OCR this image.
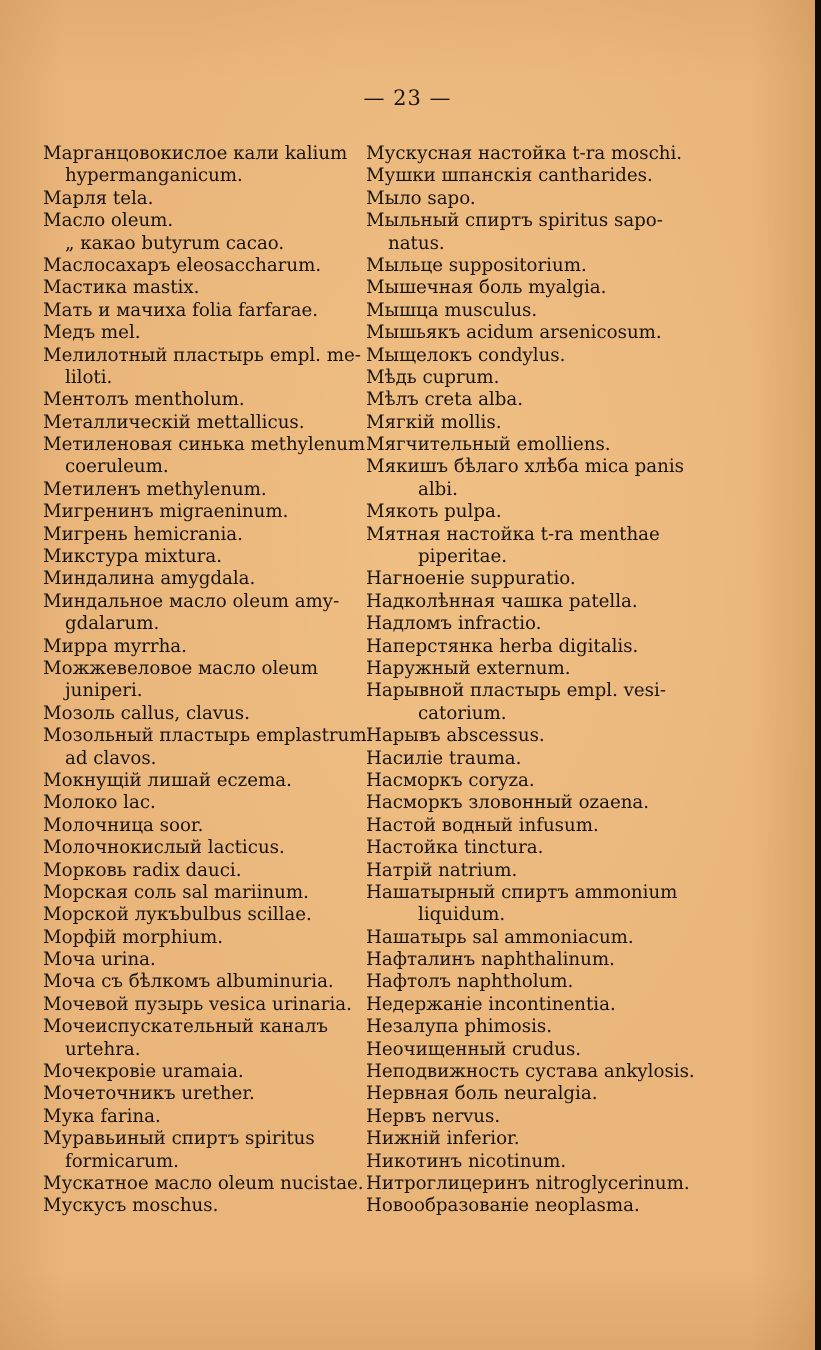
— 23 —
Марганцовокислое кали kalium
hypermanganicum.
Марля tela.
Масло oleum.
„ какао butyrum cacao.
Маслосахаръ eleosaccharum.
Мастика mastix.
Мать и мачиха folia farfarae.
Медъ mel.
Мелилотный пластырь empl. me-
liloti.
Ментолъ mentholum.
Металлическій mettallicus.
Метиленовая синька methylenum
coeruleum.
Метиленъ methylenum.
Мигренинъ migraeninum.
Мигрень hemicrania.
Микстура mixtura.
Миндалина amygdala.
Миндальное масло oleum amy-
gdalarum.
Мирра myrrha.
Можжевеловое масло oleum
juniperi.
Мозоль callus, clavus.
Мозольный пластырь emplastrum
ad clavos.
Мокнущій лишай eczema.
Молоко lac.
Молочница soor.
Молочнокислый lacticus.
Морковь radix dauci.
Морская соль sal mariinum.
Морской лукъbulbus scillae.
Морфій morphium.
Моча urina.
Моча съ бѣлкомъ albuminuria.
Мочевой пузырь vesica urinaria.
Мочеиспускательный каналъ
urtehra.
Мочекровіе uramaia.
Мочеточникъ urether.
Мука farina.
Муравьиный спиртъ spiritus
formicarum.
Мускатное масло oleum nucistae.
Мускусъ moschus.
Мускусная настойка t-ra moschi.
Мушки шпанскія cantharides.
Мыло sapo.
Мыльный спиртъ spiritus sapo-
natus.
Мыльце suppositorium.
Мышечная боль myalgia.
Мышца musculus.
Мышьякъ acidum arsenicosum.
Мыщелокъ condylus.
Мѣдь cuprum.
Мѣлъ creta alba.
Мягкій mollis.
Мягчительный emolliens.
Мякишъ бѣлаго хлѣба mica panis
albi.
Мякоть pulpa.
Мятная настойка t-ra menthae
piperitae.
Нагноеніе suppuratio.
Надколѣнная чашка patella.
Надломъ infractio.
Наперстянка herba digitalis.
Наружный externum.
Нарывной пластырь empl. vesi-
catorium.
Нарывъ abscessus.
Насиліе trauma.
Насморкъ coryza.
Насморкъ зловонный ozaena.
Настой водный infusum.
Настойка tinctura.
Натрій natrium.
Нашатырный спиртъ ammonium
liquidum.
Нашатырь sal ammoniacum.
Нафталинъ naphthalinum.
Нафтолъ naphtholum.
Недержаніе incontinentia.
Незалупа phimosis.
Неочищенный crudus.
Неподвижность сустава ankylosis.
Нервная боль neuralgia.
Нервъ nervus.
Нижній inferior.
Никотинъ nicotinum.
Нитроглицеринъ nitroglycerinum.
Новообразованіе neoplasma.
